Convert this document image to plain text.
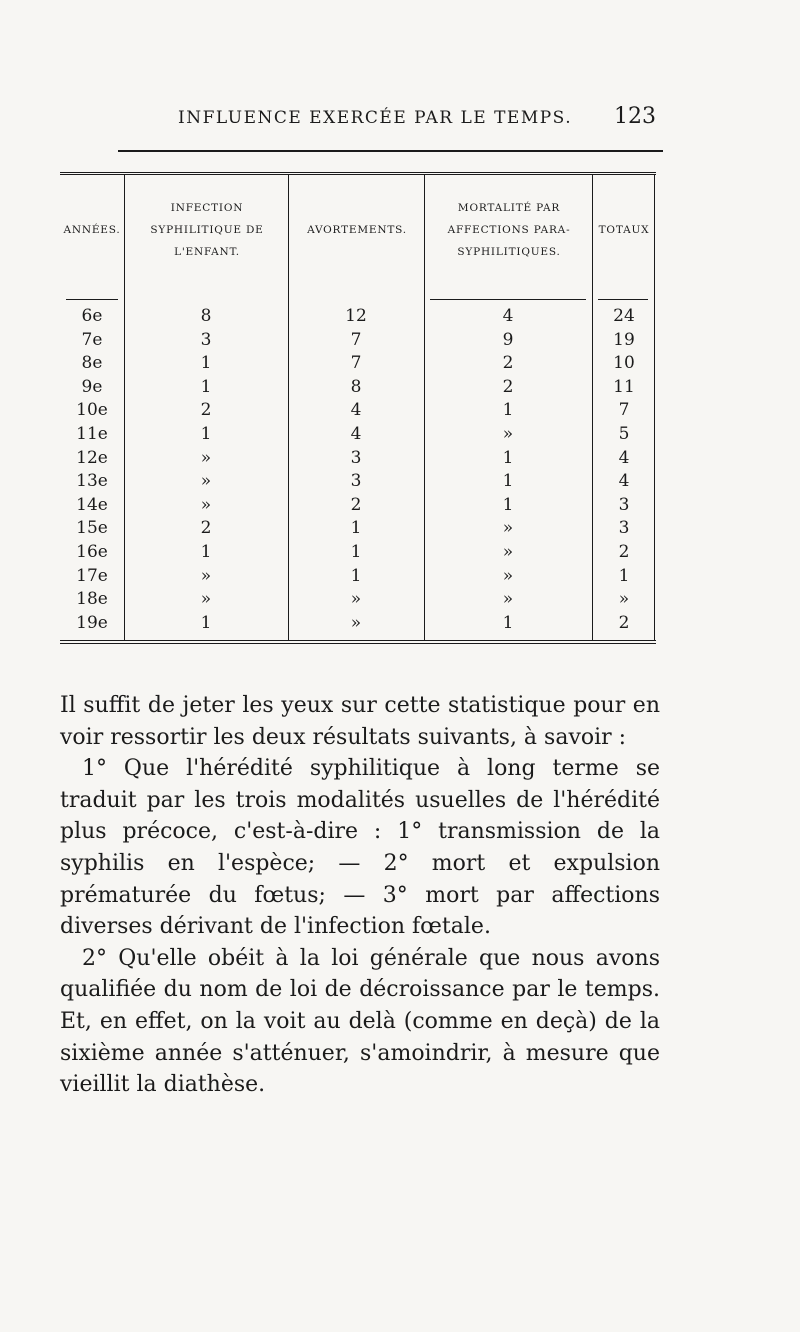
INFLUENCE EXERCÉE PAR LE TEMPS. 123
ANNÉES.
INFECTION SYPHILITIQUE DE L'ENFANT.
AVORTEMENTS.
MORTALITÉ PAR AFFECTIONS PARA-SYPHILITIQUES.
TOTAUX
6e	8	12	4	24
7e	3	7	9	19
8e	1	7	2	10
9e	1	8	2	11
10e	2	4	1	7
11e	1	4	»	5
12e	»	3	1	4
13e	»	3	1	4
14e	»	2	1	3
15e	2	1	»	3
16e	1	1	»	2
17e	»	1	»	1
18e	»	»	»	»
19e	1	»	1	2

Il suffit de jeter les yeux sur cette statistique pour en voir ressortir les deux résultats suivants, à savoir :

1° Que l'hérédité syphilitique à long terme se traduit par les trois modalités usuelles de l'hérédité plus précoce, c'est-à-dire : 1° transmission de la syphilis en l'espèce; — 2° mort et expulsion prématurée du fœtus; — 3° mort par affections diverses dérivant de l'infection fœtale.

2° Qu'elle obéit à la loi générale que nous avons qualifiée du nom de loi de décroissance par le temps. Et, en effet, on la voit au delà (comme en deçà) de la sixième année s'atténuer, s'amoindrir, à mesure que vieillit la diathèse.
